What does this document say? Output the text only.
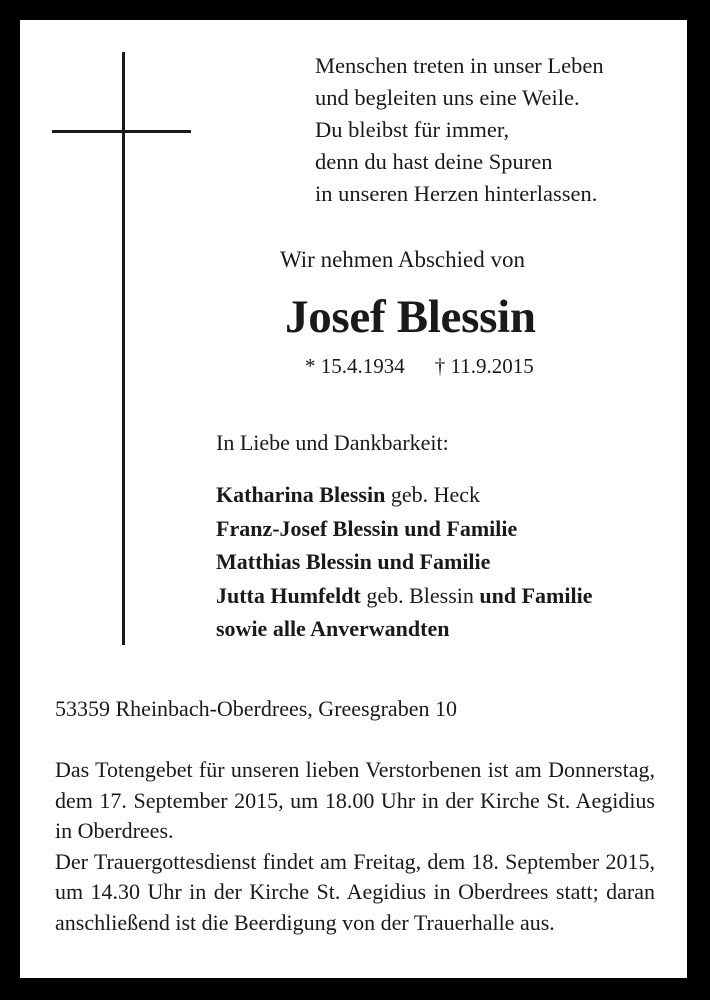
Menschen treten in unser Leben
und begleiten uns eine Weile.
Du bleibst für immer,
denn du hast deine Spuren
in unseren Herzen hinterlassen.
Wir nehmen Abschied von
Josef Blessin
* 15.4.1934 † 11.9.2015
In Liebe und Dankbarkeit:
Katharina Blessin geb. Heck
Franz-Josef Blessin und Familie
Matthias Blessin und Familie
Jutta Humfeldt geb. Blessin und Familie
sowie alle Anverwandten
53359 Rheinbach-Oberdrees, Greesgraben 10

Das Totengebet für unseren lieben Verstorbenen ist am Donnerstag, dem 17. September 2015, um 18.00 Uhr in der Kirche St. Aegidius in Oberdrees.

Der Trauergottesdienst findet am Freitag, dem 18. September 2015, um 14.30 Uhr in der Kirche St. Aegidius in Oberdrees statt; daran anschließend ist die Beerdigung von der Trauerhalle aus.
